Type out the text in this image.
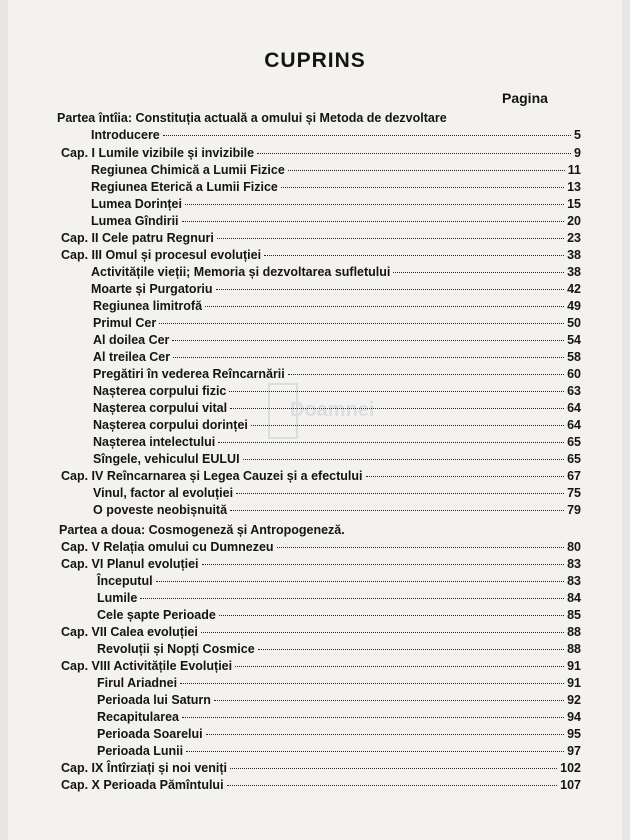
CUPRINS
Pagina
Doamnei
Partea întîia: Constituția actuală a omului și Metoda de dezvoltare
Introducere	5
Cap. I Lumile vizibile și invizibile	9
Regiunea Chimică a Lumii Fizice	11
Regiunea Eterică a Lumii Fizice	13
Lumea Dorinței	15
Lumea Gîndirii	20
Cap. II Cele patru Regnuri	23
Cap. III Omul și procesul evoluției	38
Activitățile vieții; Memoria și dezvoltarea sufletului	38
Moarte și Purgatoriu	42
Regiunea limitrofă	49
Primul Cer	50
Al doilea Cer	54
Al treilea Cer	58
Pregătiri în vederea Reîncarnării	60
Nașterea corpului fizic	63
Nașterea corpului vital	64
Nașterea corpului dorinței	64
Nașterea intelectului	65
Sîngele, vehiculul EULUI	65
Cap. IV Reîncarnarea și Legea Cauzei și a efectului	67
Vinul, factor al evoluției	75
O poveste neobișnuită	79
Partea a doua: Cosmogeneză și Antropogeneză.
Cap. V Relația omului cu Dumnezeu	80
Cap. VI Planul evoluției	83
Începutul	83
Lumile	84
Cele șapte Perioade	85
Cap. VII Calea evoluției	88
Revoluții și Nopți Cosmice	88
Cap. VIII Activitățile Evoluției	91
Firul Ariadnei	91
Perioada lui Saturn	92
Recapitularea	94
Perioada Soarelui	95
Perioada Lunii	97
Cap. IX Întîrziați și noi veniți	102
Cap. X Perioada Pămîntului	107
